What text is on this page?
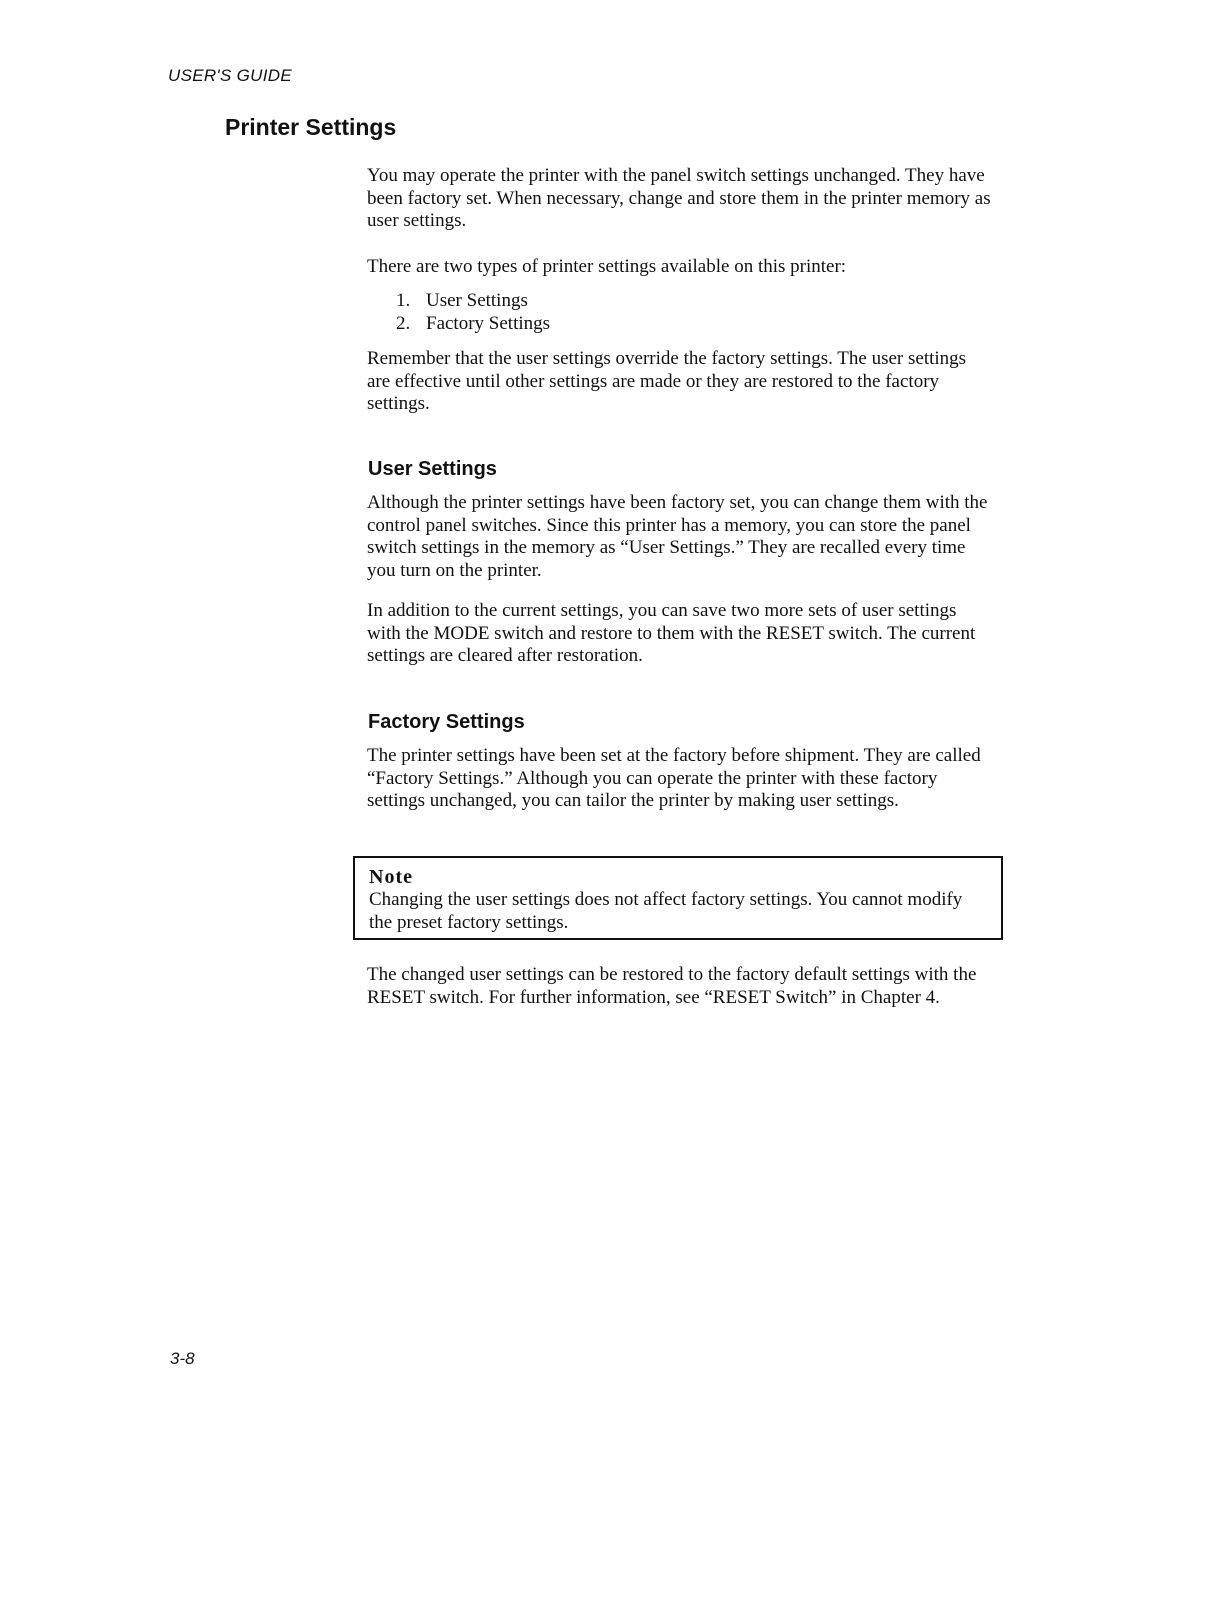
USER'S GUIDE
Printer Settings

You may operate the printer with the panel switch settings unchanged. They have been factory set. When necessary, change and store them in the printer memory as user settings.

There are two types of printer settings available on this printer:

1. User Settings
2. Factory Settings

Remember that the user settings override the factory settings. The user settings are effective until other settings are made or they are restored to the factory settings.

User Settings

Although the printer settings have been factory set, you can change them with the control panel switches. Since this printer has a memory, you can store the panel switch settings in the memory as “User Settings.” They are recalled every time you turn on the printer.

In addition to the current settings, you can save two more sets of user settings with the MODE switch and restore to them with the RESET switch. The current settings are cleared after restoration.

Factory Settings

The printer settings have been set at the factory before shipment. They are called “Factory Settings.” Although you can operate the printer with these factory settings unchanged, you can tailor the printer by making user settings.

Note

Changing the user settings does not affect factory settings. You cannot modify the preset factory settings.

The changed user settings can be restored to the factory default settings with the RESET switch. For further information, see “RESET Switch” in Chapter 4.

3-8
